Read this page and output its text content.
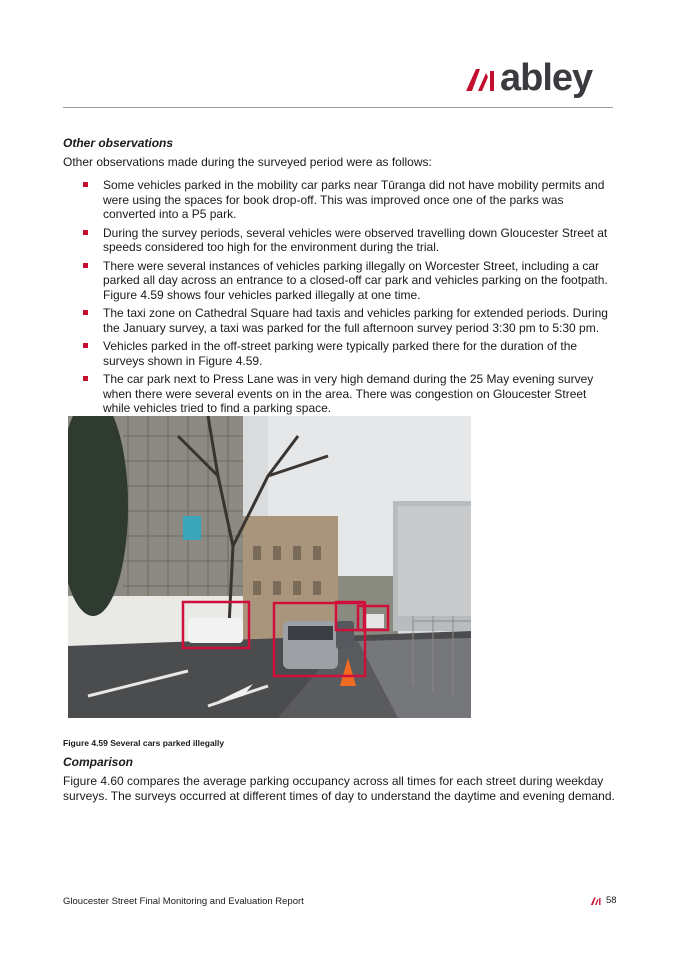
abley

Other observations

Other observations made during the surveyed period were as follows:

Some vehicles parked in the mobility car parks near Tūranga did not have mobility permits and were using the spaces for book drop-off. This was improved once one of the parks was converted into a P5 park.
During the survey periods, several vehicles were observed travelling down Gloucester Street at speeds considered too high for the environment during the trial.
There were several instances of vehicles parking illegally on Worcester Street, including a car parked all day across an entrance to a closed-off car park and vehicles parking on the footpath. Figure 4.59 shows four vehicles parked illegally at one time.
The taxi zone on Cathedral Square had taxis and vehicles parking for extended periods. During the January survey, a taxi was parked for the full afternoon survey period 3:30 pm to 5:30 pm.
Vehicles parked in the off-street parking were typically parked there for the duration of the surveys shown in Figure 4.59.
The car park next to Press Lane was in very high demand during the 25 May evening survey when there were several events on in the area. There was congestion on Gloucester Street while vehicles tried to find a parking space.

Figure 4.59 Several cars parked illegally

Comparison

Figure 4.60 compares the average parking occupancy across all times for each street during weekday surveys. The surveys occurred at different times of day to understand the daytime and evening demand.

Gloucester Street Final Monitoring and Evaluation Report	58
